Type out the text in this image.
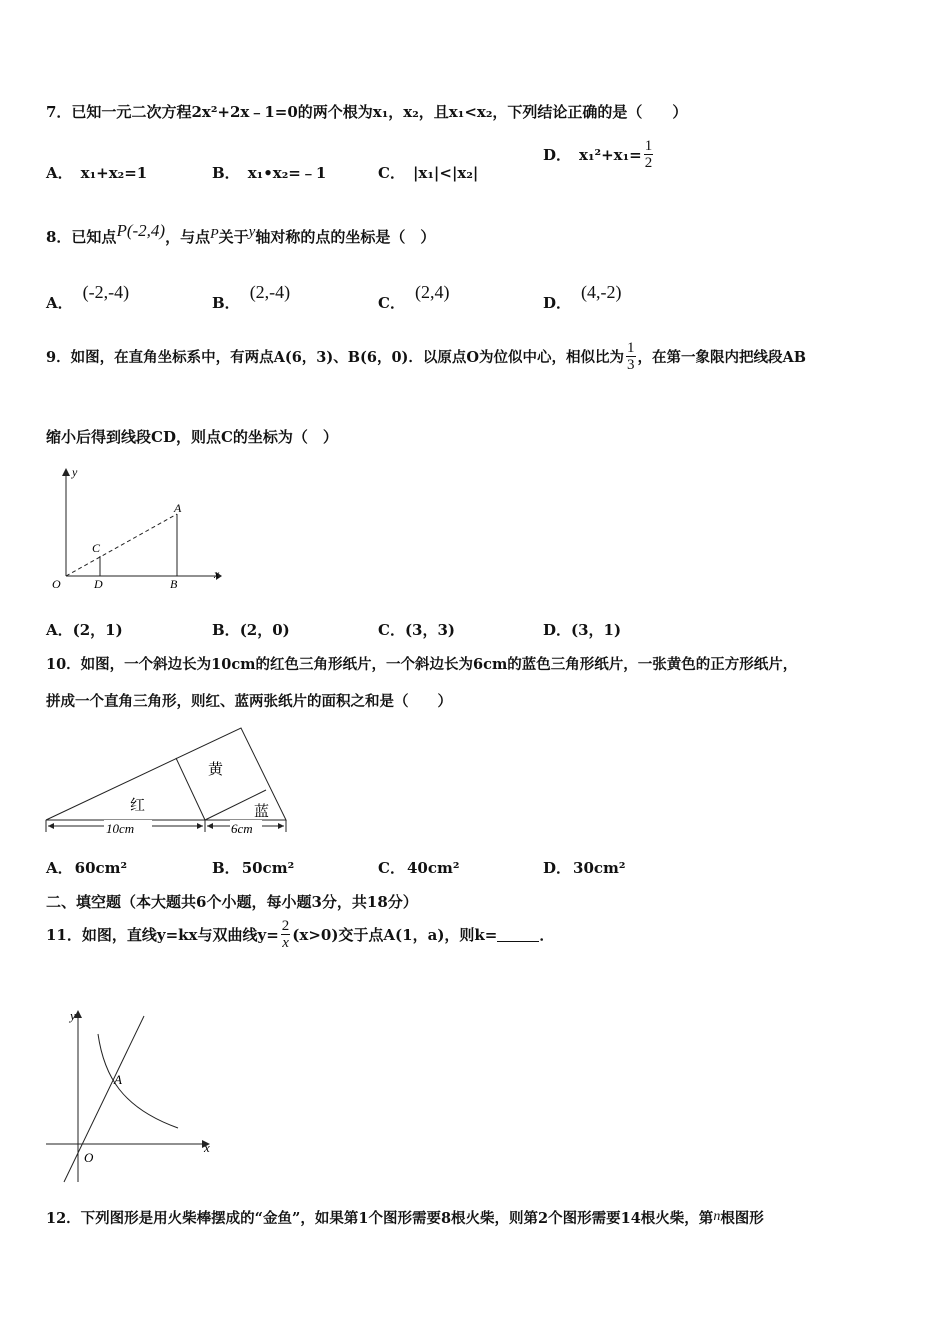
7．已知一元二次方程2x²+2x﹣1=0的两个根为x₁，x₂，且x₁<x₂，下列结论正确的是（　　）
A． x₁+x₂=1	B． x₁•x₂=﹣1	C． |x₁|<|x₂|
D． $x_1^2+x_1= \frac{1}{2}$
8．已知点P(-2,4)，与点P关于y轴对称的点的坐标是（　）
A．(-2,-4)
B．(2,-4)
C．(2,4)
D．(4,-2)
9．如图，在直角坐标系中，有两点A(6，3)、B(6，0)．以原点O为位似中心，相似比为 $\frac{1}{3}$ ，在第一象限内把线段AB
缩小后得到线段CD，则点C的坐标为（　）
y
x
O
A
B
C
D
A．(2，1)	B．(2，0)	C．(3，3)	D．(3，1)
10．如图，一个斜边长为10cm的红色三角形纸片，一个斜边长为6cm的蓝色三角形纸片，一张黄色的正方形纸片，
拼成一个直角三角形，则红、蓝两张纸片的面积之和是（　　）
红
黄
蓝
10cm	6cm
A． 60cm²	B． 50cm²	C． 40cm²	D． 30cm²
二、填空题（本大题共6个小题，每小题3分，共18分）
11．如图，直线y=kx与双曲线$y= \frac{2}{x} (x>0)$交于点A(1，a)，则k=	．
y
x
O
A
12．下列图形是用火柴棒摆成的“金鱼”，如果第1个图形需要8根火柴，则第2个图形需要14根火柴，第n根图形
